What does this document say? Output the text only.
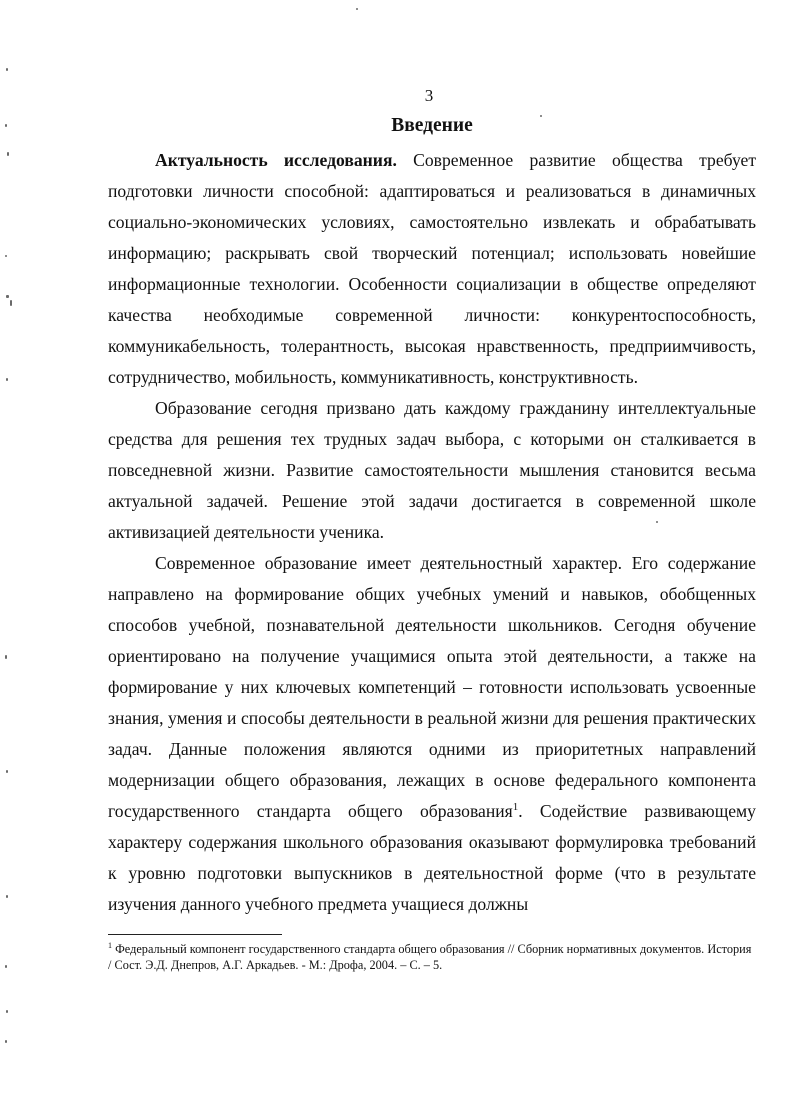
3
Введение

Актуальность исследования. Современное развитие общества требует подготовки личности способной: адаптироваться и реализоваться в динамичных социально-экономических условиях, самостоятельно извлекать и обрабатывать информацию; раскрывать свой творческий потенциал; использовать новейшие информационные технологии. Особенности социализации в обществе определяют качества необходимые современной личности: конкурентоспособность, коммуникабельность, толерантность, высокая нравственность, предприимчивость, сотрудничество, мобильность, коммуникативность, конструктивность.

Образование сегодня призвано дать каждому гражданину интеллектуальные средства для решения тех трудных задач выбора, с которыми он сталкивается в повседневной жизни. Развитие самостоятельности мышления становится весьма актуальной задачей. Решение этой задачи достигается в современной школе активизацией деятельности ученика.

Современное образование имеет деятельностный характер. Его содержание направлено на формирование общих учебных умений и навыков, обобщенных способов учебной, познавательной деятельности школьников. Сегодня обучение ориентировано на получение учащимися опыта этой деятельности, а также на формирование у них ключевых компетенций – готовности использовать усвоенные знания, умения и способы деятельности в реальной жизни для решения практических задач. Данные положения являются одними из приоритетных направлений модернизации общего образования, лежащих в основе федерального компонента государственного стандарта общего образования$^1$. Содействие развивающему характеру содержания школьного образования оказывают формулировка требований к уровню подготовки выпускников в деятельностной форме (что в результате изучения данного учебного предмета учащиеся должны

$^1$ Федеральный компонент государственного стандарта общего образования // Сборник нормативных документов. История / Сост. Э.Д. Днепров, А.Г. Аркадьев. - М.: Дрофа, 2004. – С. – 5.
